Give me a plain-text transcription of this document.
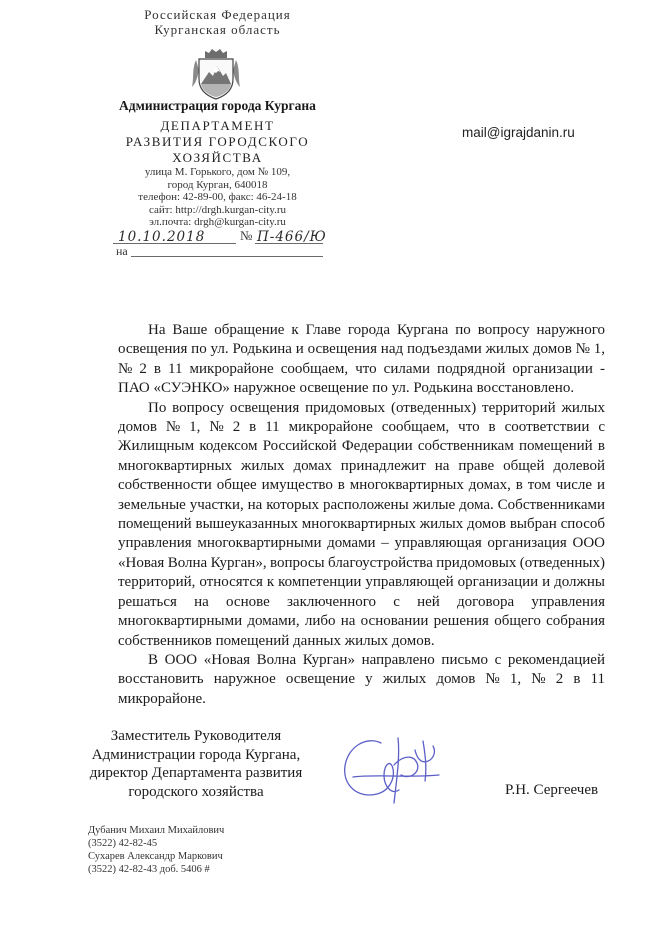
Российская Федерация
Курганская область
Администрация города Кургана
ДЕПАРТАМЕНТ
РАЗВИТИЯ ГОРОДСКОГО
ХОЗЯЙСТВА
улица М. Горького, дом № 109,
город Курган, 640018
телефон: 42-89-00, факс: 46-24-18
сайт: http://drgh.kurgan-city.ru
эл.почта: drgh@kurgan-city.ru
10.10.2018	№ П-466/Ю
на
mail@igrajdanin.ru
На Ваше обращение к Главе города Кургана по вопросу наружного
освещения по ул. Родькина и освещения над подъездами жилых домов № 1,
№ 2 в 11 микрорайоне сообщаем, что силами подрядной организации -
ПАО «СУЭНКО» наружное освещение по ул. Родькина восстановлено.
По вопросу освещения придомовых (отведенных) территорий жилых
домов № 1, № 2 в 11 микрорайоне сообщаем, что в соответствии с
Жилищным кодексом Российской Федерации собственникам помещений в
многоквартирных жилых домах принадлежит на праве общей долевой
собственности общее имущество в многоквартирных домах, в том числе и
земельные участки, на которых расположены жилые дома. Собственниками
помещений вышеуказанных многоквартирных жилых домов выбран способ
управления многоквартирными домами – управляющая организация ООО
«Новая Волна Курган», вопросы благоустройства придомовых (отведенных)
территорий, относятся к компетенции управляющей организации и должны
решаться на основе заключенного с ней договора управления
многоквартирными домами, либо на основании решения общего собрания
собственников помещений данных жилых домов.
В ООО «Новая Волна Курган» направлено письмо с рекомендацией
восстановить наружное освещение у жилых домов № 1, № 2 в 11
микрорайоне.
Заместитель Руководителя
Администрации города Кургана,
директор Департамента развития
городского хозяйства	Р.Н. Сергеечев
Дубанич Михаил Михайлович
(3522) 42-82-45
Сухарев Александр Маркович
(3522) 42-82-43 доб. 5406 #
